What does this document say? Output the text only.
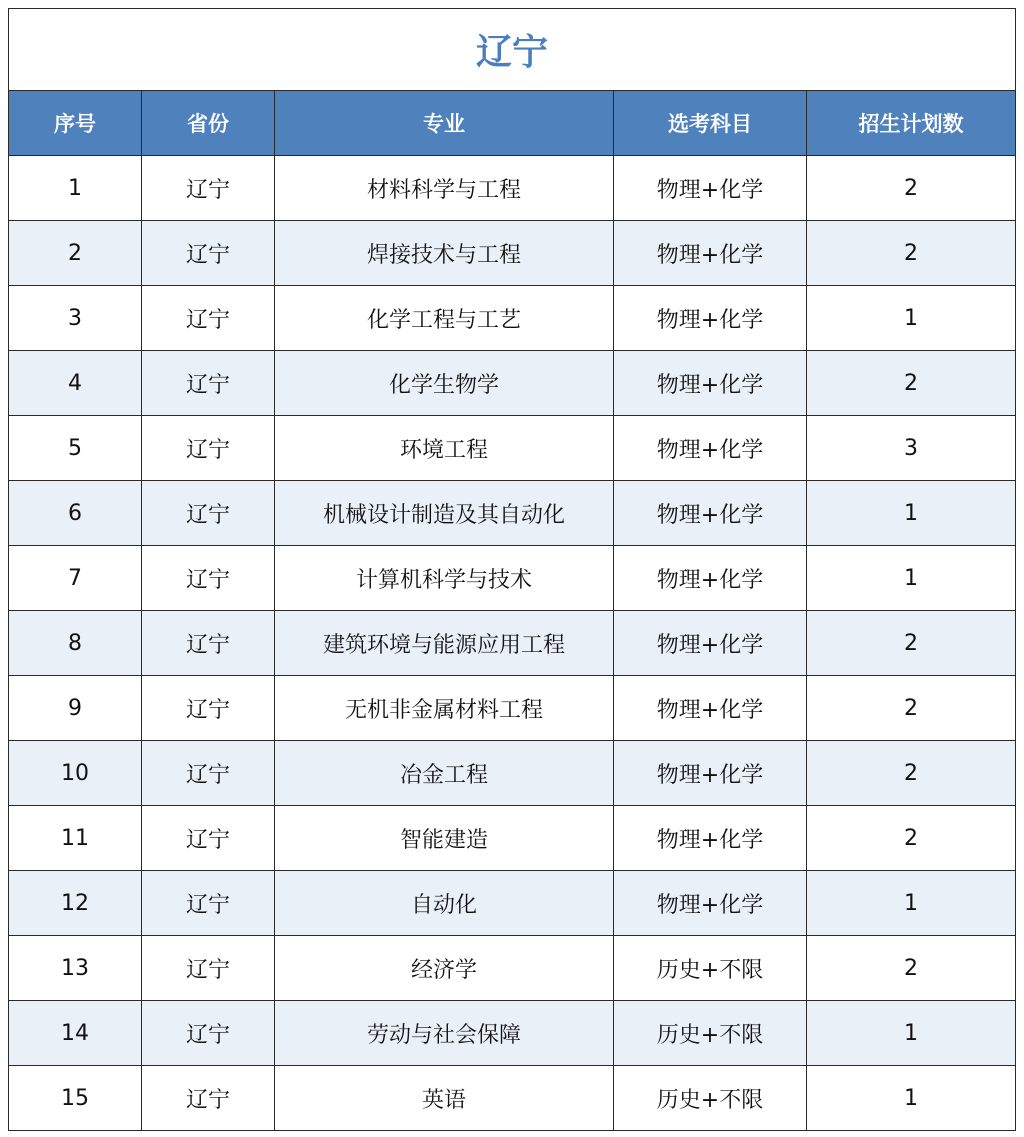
辽宁				
序号	省份	专业	选考科目	招生计划数
1	辽宁	材料科学与工程	物理+化学	2
2	辽宁	焊接技术与工程	物理+化学	2
3	辽宁	化学工程与工艺	物理+化学	1
4	辽宁	化学生物学	物理+化学	2
5	辽宁	环境工程	物理+化学	3
6	辽宁	机械设计制造及其自动化	物理+化学	1
7	辽宁	计算机科学与技术	物理+化学	1
8	辽宁	建筑环境与能源应用工程	物理+化学	2
9	辽宁	无机非金属材料工程	物理+化学	2
10	辽宁	冶金工程	物理+化学	2
11	辽宁	智能建造	物理+化学	2
12	辽宁	自动化	物理+化学	1
13	辽宁	经济学	历史+不限	2
14	辽宁	劳动与社会保障	历史+不限	1
15	辽宁	英语	历史+不限	1
